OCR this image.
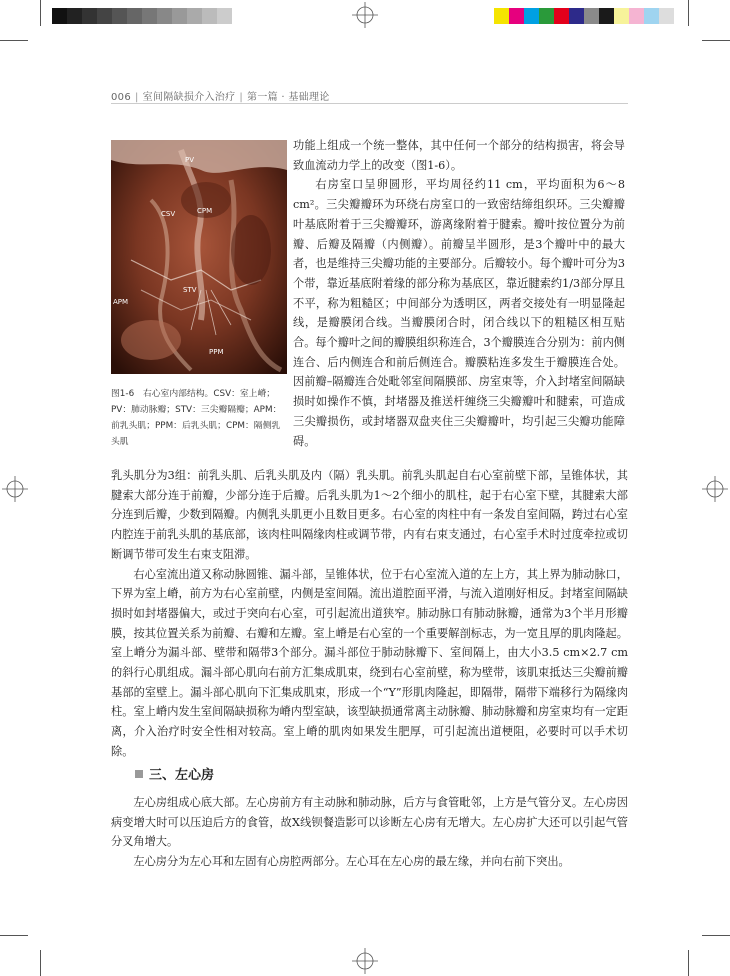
006 | 室间隔缺损介入治疗 | 第一篇 · 基础理论
PV
CSV	CPM
STV
APM
PPM
图1-6　右心室内部结构。CSV：室上嵴；PV：肺动脉瓣；STV：三尖瓣隔瓣；APM：前乳头肌；PPM：后乳头肌；CPM：隔侧乳头肌

功能上组成一个统一整体，其中任何一个部分的结构损害，将会导致血流动力学上的改变（图1-6）。

右房室口呈卵圆形，平均周径约11 cm，平均面积为6～8 cm²。三尖瓣瓣环为环绕右房室口的一致密结缔组织环。三尖瓣瓣叶基底附着于三尖瓣瓣环，游离缘附着于腱索。瓣叶按位置分为前瓣、后瓣及隔瓣（内侧瓣）。前瓣呈半圆形，是3个瓣叶中的最大者，也是维持三尖瓣功能的主要部分。后瓣较小。每个瓣叶可分为3个带，靠近基底附着缘的部分称为基底区，靠近腱索约1/3部分厚且不平，称为粗糙区；中间部分为透明区，两者交接处有一明显隆起线，是瓣膜闭合线。当瓣膜闭合时，闭合线以下的粗糙区相互贴合。每个瓣叶之间的瓣膜组织称连合，3个瓣膜连合分别为：前内侧连合、后内侧连合和前后侧连合。瓣膜粘连多发生于瓣膜连合处。因前瓣–隔瓣连合处毗邻室间隔膜部、房室束等，介入封堵室间隔缺损时如操作不慎，封堵器及推送杆缠绕三尖瓣瓣叶和腱索，可造成三尖瓣损伤，或封堵器双盘夹住三尖瓣瓣叶，均引起三尖瓣功能障碍。

乳头肌分为3组：前乳头肌、后乳头肌及内（隔）乳头肌。前乳头肌起自右心室前壁下部，呈锥体状，其腱索大部分连于前瓣，少部分连于后瓣。后乳头肌为1～2个细小的肌柱，起于右心室下壁，其腱索大部分连到后瓣，少数到隔瓣。内侧乳头肌更小且数目更多。右心室的肉柱中有一条发自室间隔，跨过右心室内腔连于前乳头肌的基底部，该肉柱叫隔缘肉柱或调节带，内有右束支通过，右心室手术时过度牵拉或切断调节带可发生右束支阻滞。

右心室流出道又称动脉圆锥、漏斗部，呈锥体状，位于右心室流入道的左上方，其上界为肺动脉口，下界为室上嵴，前方为右心室前壁，内侧是室间隔。流出道腔面平滑，与流入道刚好相反。封堵室间隔缺损时如封堵器偏大，或过于突向右心室，可引起流出道狭窄。肺动脉口有肺动脉瓣，通常为3个半月形瓣膜，按其位置关系为前瓣、右瓣和左瓣。室上嵴是右心室的一个重要解剖标志，为一宽且厚的肌肉隆起。室上嵴分为漏斗部、壁带和隔带3个部分。漏斗部位于肺动脉瓣下、室间隔上，由大小3.5 cm×2.7 cm的斜行心肌组成。漏斗部心肌向右前方汇集成肌束，绕到右心室前壁，称为壁带，该肌束抵达三尖瓣前瓣基部的室壁上。漏斗部心肌向下汇集成肌束，形成一个“Y”形肌肉隆起，即隔带，隔带下端移行为隔缘肉柱。室上嵴内发生室间隔缺损称为嵴内型室缺，该型缺损通常离主动脉瓣、肺动脉瓣和房室束均有一定距离，介入治疗时安全性相对较高。室上嵴的肌肉如果发生肥厚，可引起流出道梗阻，必要时可以手术切除。

三、左心房

左心房组成心底大部。左心房前方有主动脉和肺动脉，后方与食管毗邻，上方是气管分叉。左心房因病变增大时可以压迫后方的食管，故X线钡餐造影可以诊断左心房有无增大。左心房扩大还可以引起气管分叉角增大。

左心房分为左心耳和左固有心房腔两部分。左心耳在左心房的最左缘，并向右前下突出。
